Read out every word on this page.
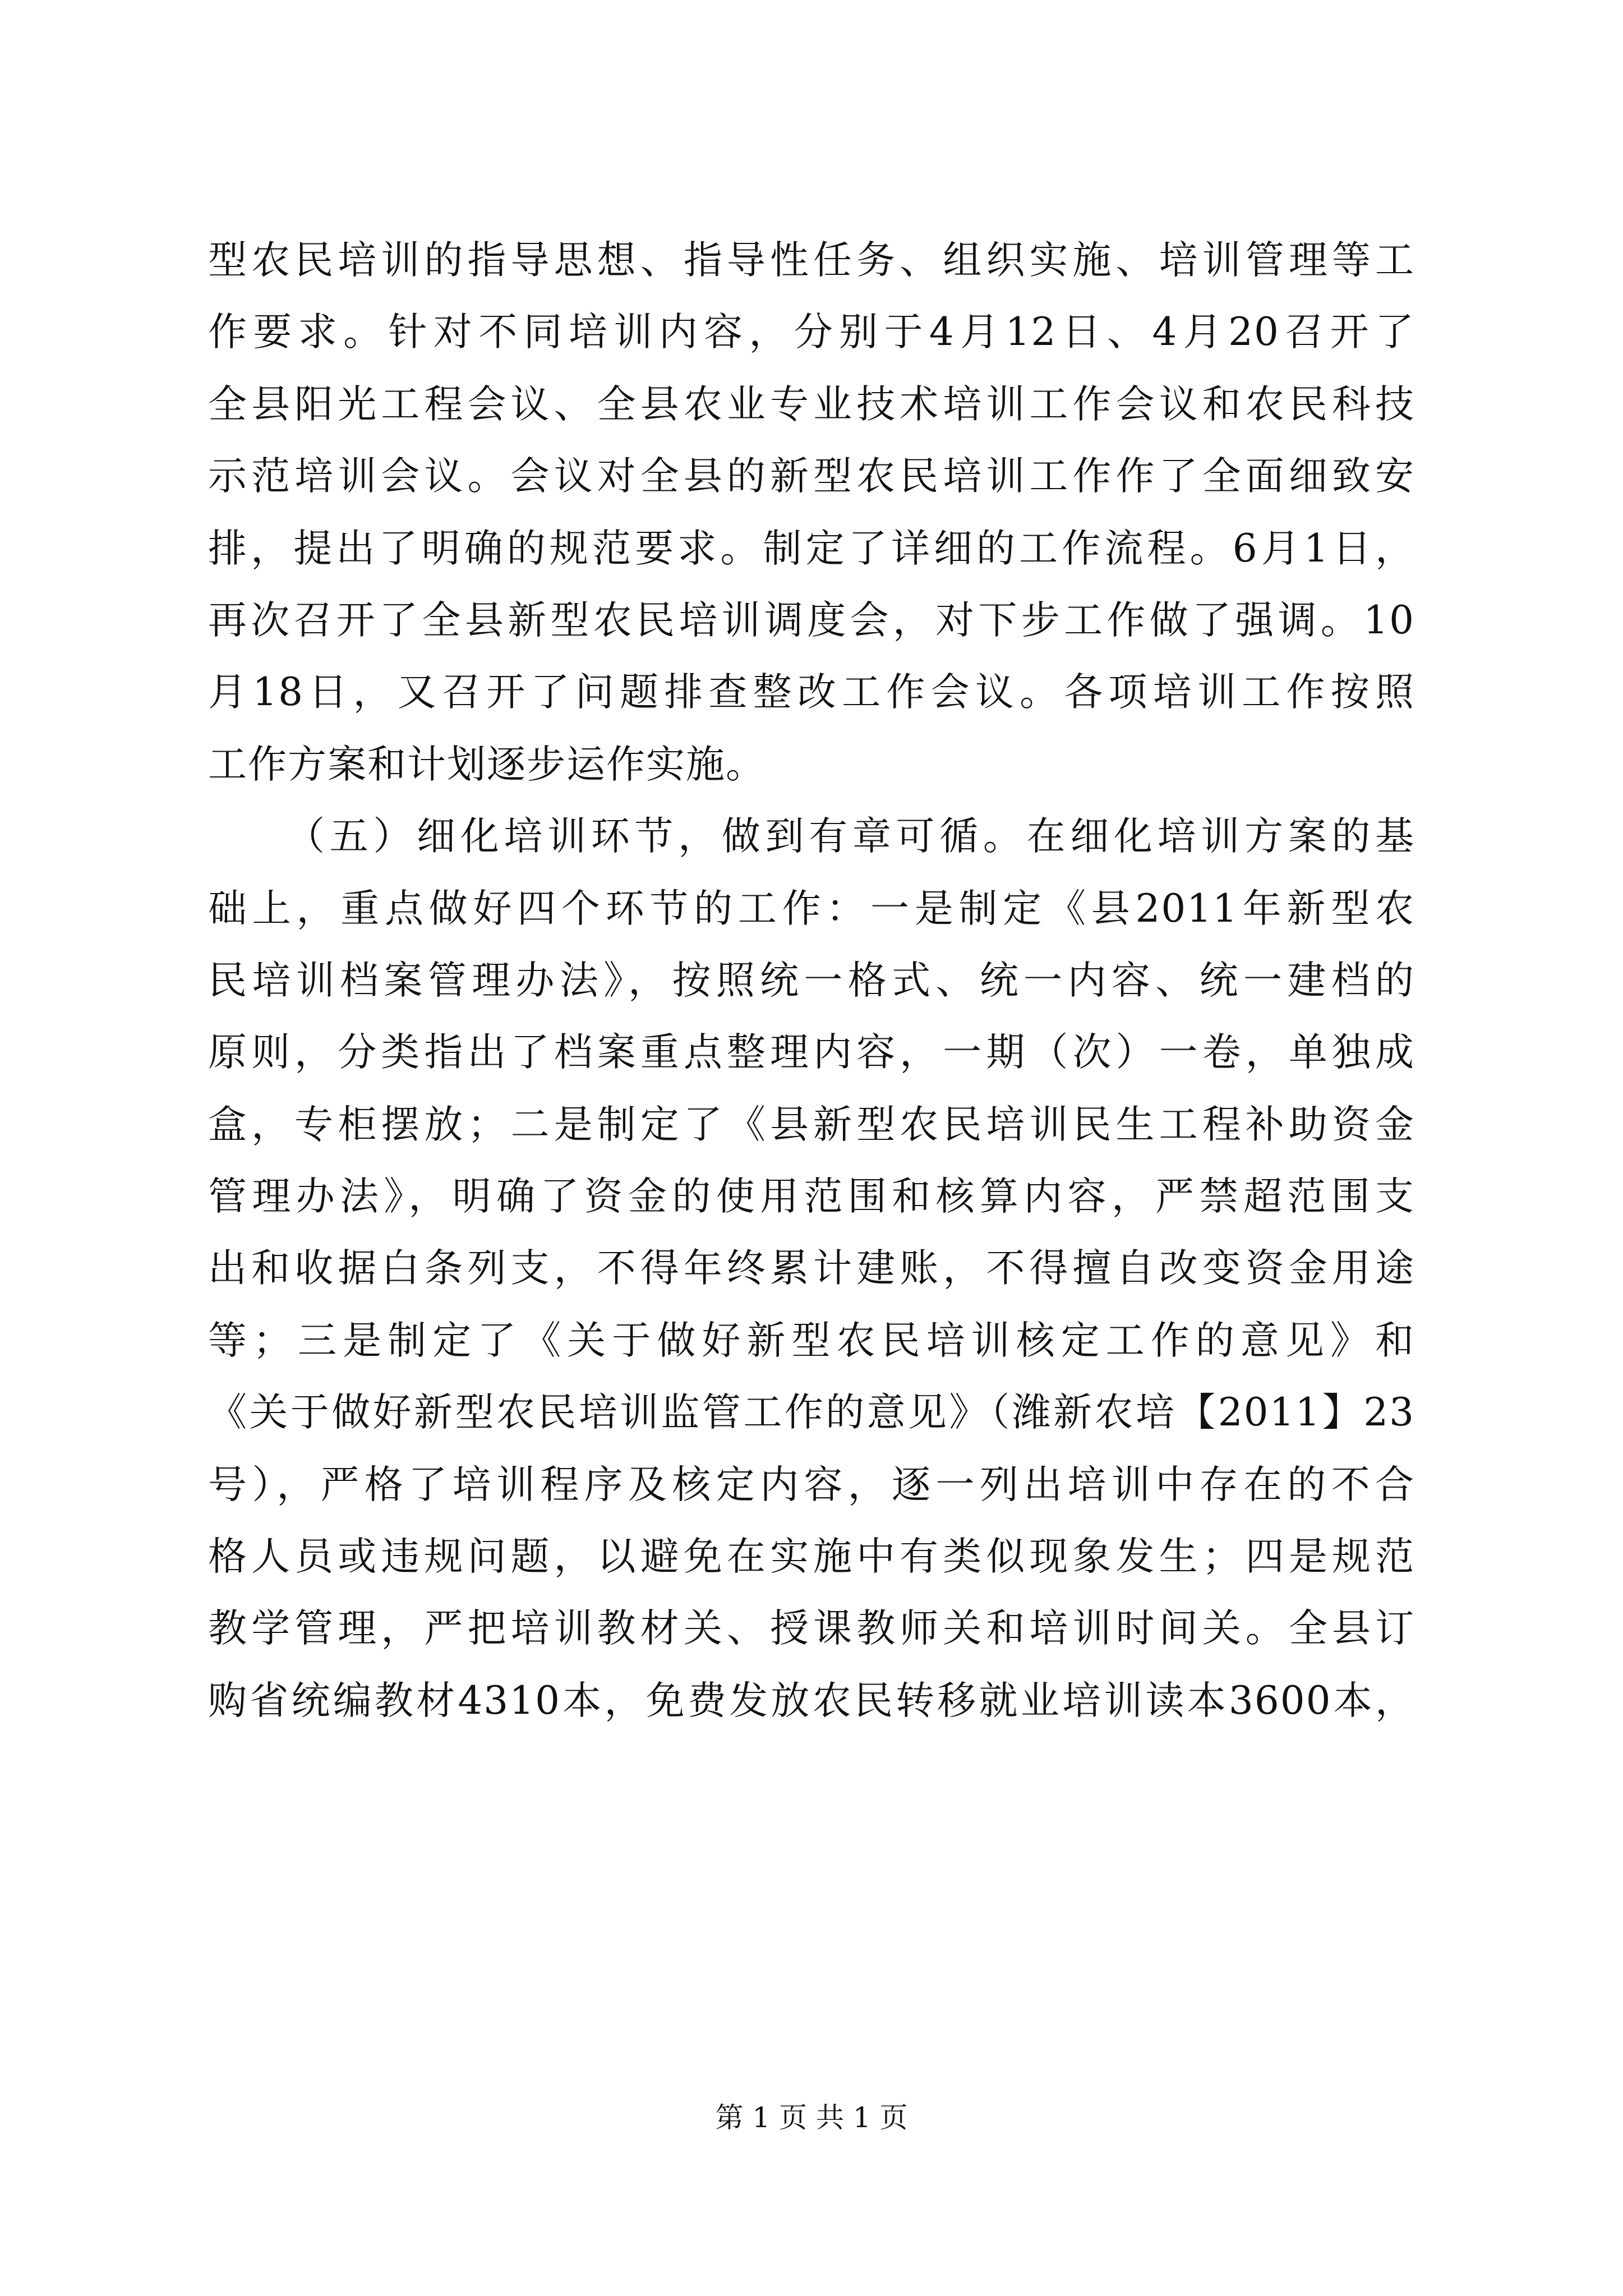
型农民培训的指导思想、指导性任务、组织实施、培训管理等工
作要求。针对不同培训内容，分别于4月12日、4月20召开了
全县阳光工程会议、全县农业专业技术培训工作会议和农民科技
示范培训会议。会议对全县的新型农民培训工作作了全面细致安
排，提出了明确的规范要求。制定了详细的工作流程。6月1日，
再次召开了全县新型农民培训调度会，对下步工作做了强调。10
月18日，又召开了问题排查整改工作会议。各项培训工作按照
工作方案和计划逐步运作实施。
（五）细化培训环节，做到有章可循。在细化培训方案的基
础上，重点做好四个环节的工作：一是制定《县2011年新型农
民培训档案管理办法》，按照统一格式、统一内容、统一建档的
原则，分类指出了档案重点整理内容，一期（次）一卷，单独成
盒，专柜摆放；二是制定了《县新型农民培训民生工程补助资金
管理办法》，明确了资金的使用范围和核算内容，严禁超范围支
出和收据白条列支，不得年终累计建账，不得擅自改变资金用途
等；三是制定了《关于做好新型农民培训核定工作的意见》和
《关于做好新型农民培训监管工作的意见》（潍新农培【2011】23
号），严格了培训程序及核定内容，逐一列出培训中存在的不合
格人员或违规问题，以避免在实施中有类似现象发生；四是规范
教学管理，严把培训教材关、授课教师关和培训时间关。全县订
购省统编教材4310本，免费发放农民转移就业培训读本3600本，
第 1 页 共 1 页
